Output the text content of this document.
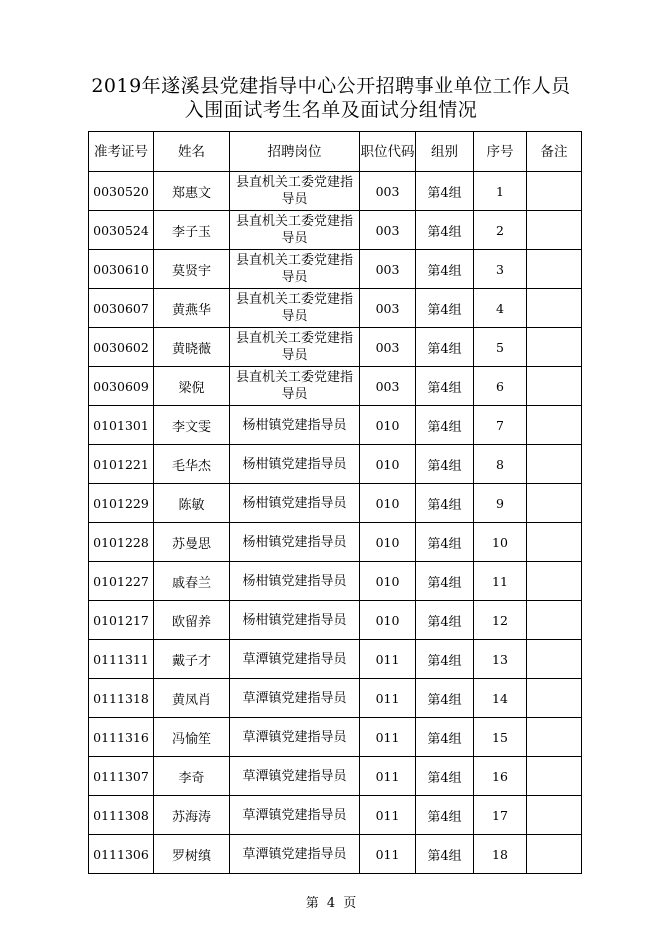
2019年遂溪县党建指导中心公开招聘事业单位工作人员
入围面试考生名单及面试分组情况
准考证号	姓名	招聘岗位	职位代码	组别	序号	备注
0030520	郑惠文	县直机关工委党建指导员	003	第4组	1	
0030524	李子玉	县直机关工委党建指导员	003	第4组	2	
0030610	莫贤宇	县直机关工委党建指导员	003	第4组	3	
0030607	黄燕华	县直机关工委党建指导员	003	第4组	4	
0030602	黄晓薇	县直机关工委党建指导员	003	第4组	5	
0030609	梁倪	县直机关工委党建指导员	003	第4组	6	
0101301	李文雯	杨柑镇党建指导员	010	第4组	7	
0101221	毛华杰	杨柑镇党建指导员	010	第4组	8	
0101229	陈敏	杨柑镇党建指导员	010	第4组	9	
0101228	苏曼思	杨柑镇党建指导员	010	第4组	10	
0101227	戚春兰	杨柑镇党建指导员	010	第4组	11	
0101217	欧留养	杨柑镇党建指导员	010	第4组	12	
0111311	戴子才	草潭镇党建指导员	011	第4组	13	
0111318	黄凤肖	草潭镇党建指导员	011	第4组	14	
0111316	冯愉笙	草潭镇党建指导员	011	第4组	15	
0111307	李奇	草潭镇党建指导员	011	第4组	16	
0111308	苏海涛	草潭镇党建指导员	011	第4组	17	
0111306	罗树缜	草潭镇党建指导员	011	第4组	18	
第 4 页
